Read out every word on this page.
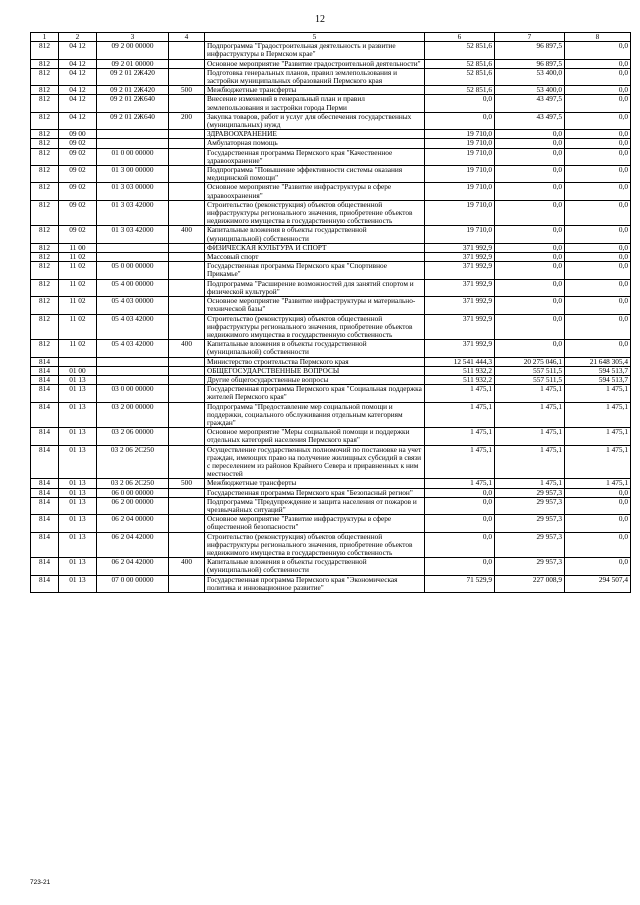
12
1	2	3	4	5	6	7	8
812	04 12	09 2 00 00000		Подпрограмма "Градостроительная деятельность и развитие инфраструктуры в Пермском крае"	52 851,6	96 897,5	0,0
812	04 12	09 2 01 00000		Основное мероприятие "Развитие градостроительной деятельности"	52 851,6	96 897,5	0,0
812	04 12	09 2 01 2Ж420		Подготовка генеральных планов, правил землепользования и застройки муниципальных образований Пермского края	52 851,6	53 400,0	0,0
812	04 12	09 2 01 2Ж420	500	Межбюджетные трансферты	52 851,6	53 400,0	0,0
812	04 12	09 2 01 2Ж640		Внесение изменений в генеральный план и правил землепользования и застройки города Перми	0,0	43 497,5	0,0
812	04 12	09 2 01 2Ж640	200	Закупка товаров, работ и услуг для обеспечения государственных (муниципальных) нужд	0,0	43 497,5	0,0
812	09 00			ЗДРАВООХРАНЕНИЕ	19 710,0	0,0	0,0
812	09 02			Амбулаторная помощь	19 710,0	0,0	0,0
812	09 02	01 0 00 00000		Государственная программа Пермского края "Качественное здравоохранение"	19 710,0	0,0	0,0
812	09 02	01 3 00 00000		Подпрограмма "Повышение эффективности системы оказания медицинской помощи"	19 710,0	0,0	0,0
812	09 02	01 3 03 00000		Основное мероприятие "Развитие инфраструктуры в сфере здравоохранения"	19 710,0	0,0	0,0
812	09 02	01 3 03 42000		Строительство (реконструкция) объектов общественной инфраструктуры регионального значения, приобретение объектов недвижимого имущества в государственную собственность	19 710,0	0,0	0,0
812	09 02	01 3 03 42000	400	Капитальные вложения в объекты государственной (муниципальной) собственности	19 710,0	0,0	0,0
812	11 00			ФИЗИЧЕСКАЯ КУЛЬТУРА И СПОРТ	371 992,9	0,0	0,0
812	11 02			Массовый спорт	371 992,9	0,0	0,0
812	11 02	05 0 00 00000		Государственная программа Пермского края "Спортивное Прикамье"	371 992,9	0,0	0,0
812	11 02	05 4 00 00000		Подпрограмма "Расширение возможностей для занятий спортом и физической культурой"	371 992,9	0,0	0,0
812	11 02	05 4 03 00000		Основное мероприятие "Развитие инфраструктуры и материально-технической базы"	371 992,9	0,0	0,0
812	11 02	05 4 03 42000		Строительство (реконструкция) объектов общественной инфраструктуры регионального значения, приобретение объектов недвижимого имущества в государственную собственность	371 992,9	0,0	0,0
812	11 02	05 4 03 42000	400	Капитальные вложения в объекты государственной (муниципальной) собственности	371 992,9	0,0	0,0
814				Министерство строительства Пермского края	12 541 444,3	20 275 046,1	21 648 305,4
814	01 00			ОБЩЕГОСУДАРСТВЕННЫЕ ВОПРОСЫ	511 932,2	557 511,5	594 513,7
814	01 13			Другие общегосударственные вопросы	511 932,2	557 511,5	594 513,7
814	01 13	03 0 00 00000		Государственная программа Пермского края "Социальная поддержка жителей Пермского края"	1 475,1	1 475,1	1 475,1
814	01 13	03 2 00 00000		Подпрограмма "Предоставление мер социальной помощи и поддержки, социального обслуживания отдельным категориям граждан"	1 475,1	1 475,1	1 475,1
814	01 13	03 2 06 00000		Основное мероприятие "Меры социальной помощи и поддержки отдельных категорий населения Пермского края"	1 475,1	1 475,1	1 475,1
814	01 13	03 2 06 2С250		Осуществление государственных полномочий по постановке на учет граждан, имеющих право на получение жилищных субсидий в связи с переселением из районов Крайнего Севера и приравненных к ним местностей	1 475,1	1 475,1	1 475,1
814	01 13	03 2 06 2С250	500	Межбюджетные трансферты	1 475,1	1 475,1	1 475,1
814	01 13	06 0 00 00000		Государственная программа Пермского края "Безопасный регион"	0,0	29 957,3	0,0
814	01 13	06 2 00 00000		Подпрограмма "Предупреждение и защита населения от пожаров и чрезвычайных ситуаций"	0,0	29 957,3	0,0
814	01 13	06 2 04 00000		Основное мероприятие "Развитие инфраструктуры в сфере общественной безопасности"	0,0	29 957,3	0,0
814	01 13	06 2 04 42000		Строительство (реконструкция) объектов общественной инфраструктуры регионального значения, приобретение объектов недвижимого имущества в государственную собственность	0,0	29 957,3	0,0
814	01 13	06 2 04 42000	400	Капитальные вложения в объекты государственной (муниципальной) собственности	0,0	29 957,3	0,0
814	01 13	07 0 00 00000		Государственная программа Пермского края "Экономическая политика и инновационное развитие"	71 529,9	227 008,9	294 507,4
723-21
